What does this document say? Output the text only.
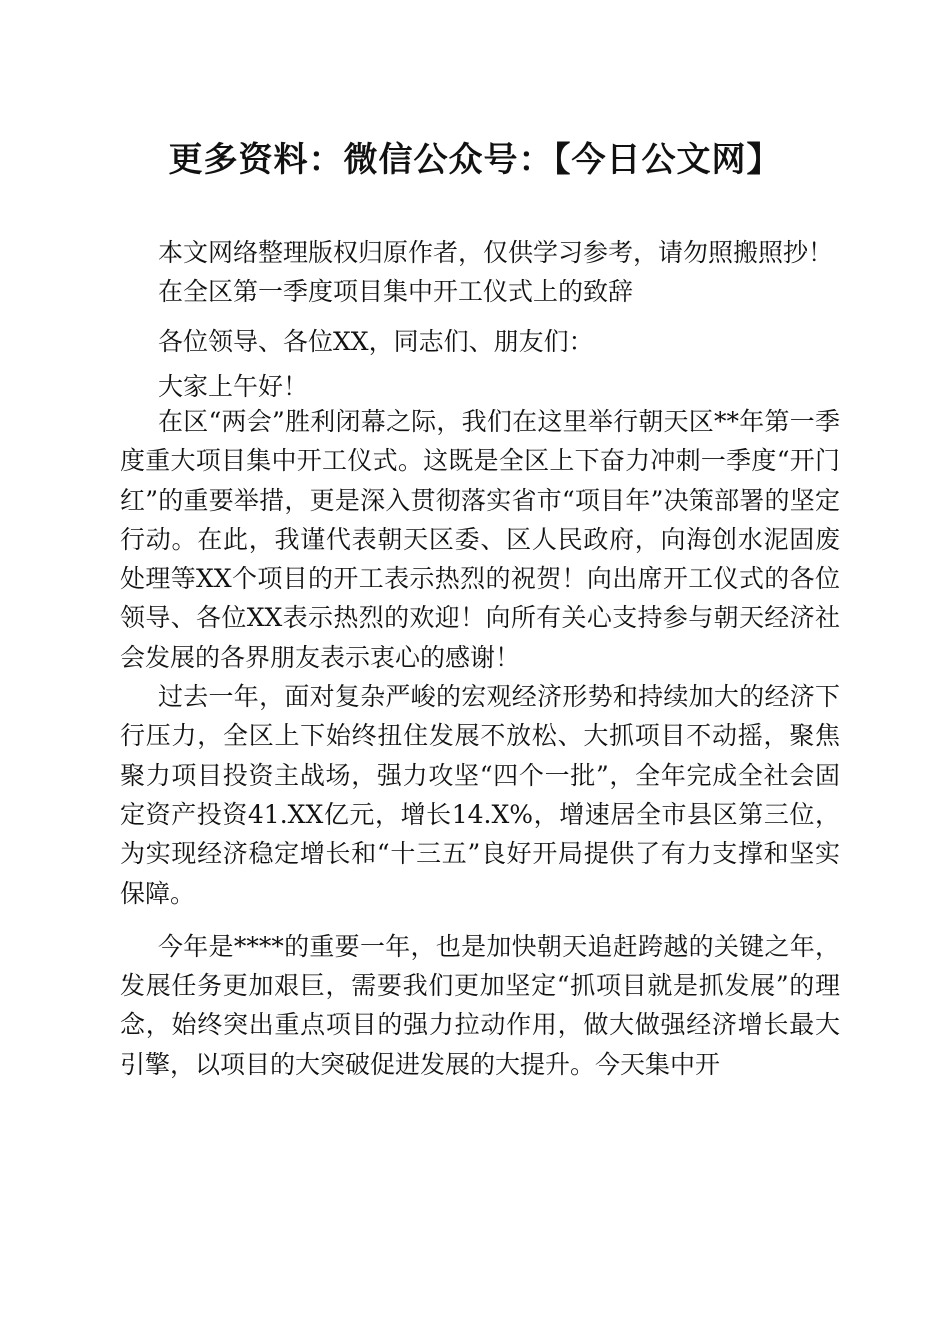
更多资料：微信公众号：【今日公文网】
本文网络整理版权归原作者，仅供学习参考，请勿照搬照抄！
在全区第一季度项目集中开工仪式上的致辞
各位领导、各位XX，同志们、朋友们：
大家上午好！

在区“两会”胜利闭幕之际，我们在这里举行朝天区**年第一季度重大项目集中开工仪式。这既是全区上下奋力冲刺一季度“开门红”的重要举措，更是深入贯彻落实省市“项目年”决策部署的坚定行动。在此，我谨代表朝天区委、区人民政府，向海创水泥固废处理等XX个项目的开工表示热烈的祝贺！向出席开工仪式的各位领导、各位XX表示热烈的欢迎！向所有关心支持参与朝天经济社会发展的各界朋友表示衷心的感谢！

过去一年，面对复杂严峻的宏观经济形势和持续加大的经济下行压力，全区上下始终扭住发展不放松、大抓项目不动摇，聚焦聚力项目投资主战场，强力攻坚“四个一批”，全年完成全社会固定资产投资41.XX亿元，增长14.X%，增速居全市县区第三位，为实现经济稳定增长和“十三五”良好开局提供了有力支撑和坚实保障。

今年是****的重要一年，也是加快朝天追赶跨越的关键之年，发展任务更加艰巨，需要我们更加坚定“抓项目就是抓发展”的理念，始终突出重点项目的强力拉动作用，做大做强经济增长最大引擎，以项目的大突破促进发展的大提升。今天集中开
